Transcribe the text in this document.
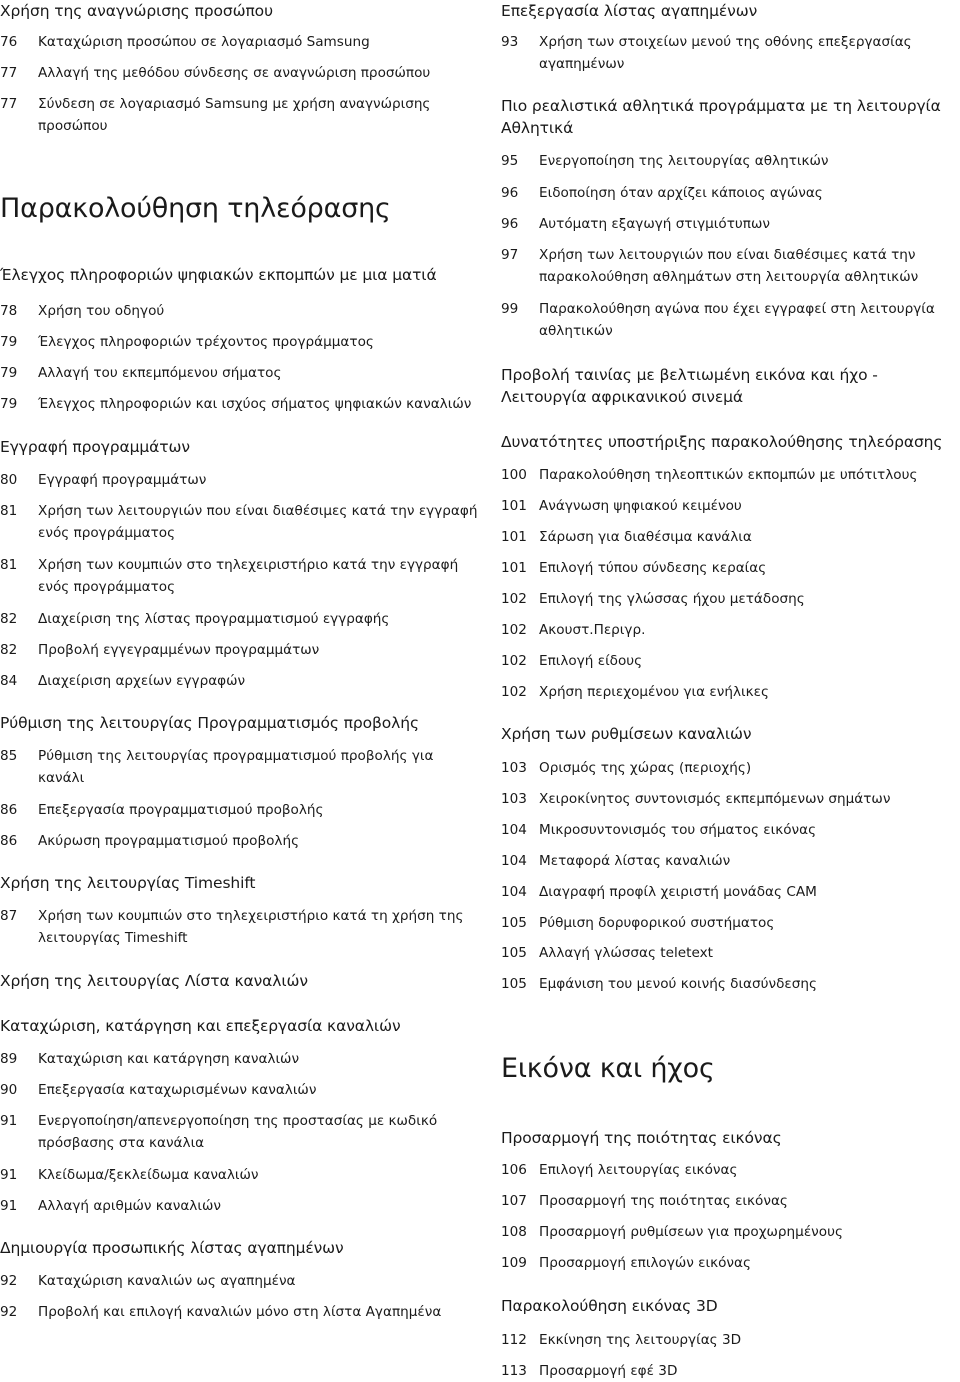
Χρήση της αναγνώρισης προσώπου
76	Καταχώριση προσώπου σε λογαριασμό Samsung
77	Αλλαγή της μεθόδου σύνδεσης σε αναγνώριση προσώπου
77	Σύνδεση σε λογαριασμό Samsung με χρήση αναγνώρισης προσώπου
Παρακολούθηση τηλεόρασης
Έλεγχος πληροφοριών ψηφιακών εκπομπών με μια ματιά
78	Χρήση του οδηγού
79	Έλεγχος πληροφοριών τρέχοντος προγράμματος
79	Αλλαγή του εκπεμπόμενου σήματος
79	Έλεγχος πληροφοριών και ισχύος σήματος ψηφιακών καναλιών
Εγγραφή προγραμμάτων
80	Εγγραφή προγραμμάτων
81	Χρήση των λειτουργιών που είναι διαθέσιμες κατά την εγγραφή ενός προγράμματος
81	Χρήση των κουμπιών στο τηλεχειριστήριο κατά την εγγραφή ενός προγράμματος
82	Διαχείριση της λίστας προγραμματισμού εγγραφής
82	Προβολή εγγεγραμμένων προγραμμάτων
84	Διαχείριση αρχείων εγγραφών
Ρύθμιση της λειτουργίας Προγραμματισμός προβολής
85	Ρύθμιση της λειτουργίας προγραμματισμού προβολής για κανάλι
86	Επεξεργασία προγραμματισμού προβολής
86	Ακύρωση προγραμματισμού προβολής
Χρήση της λειτουργίας Timeshift
87	Χρήση των κουμπιών στο τηλεχειριστήριο κατά τη χρήση της λειτουργίας Timeshift
Χρήση της λειτουργίας Λίστα καναλιών
Καταχώριση, κατάργηση και επεξεργασία καναλιών
89	Καταχώριση και κατάργηση καναλιών
90	Επεξεργασία καταχωρισμένων καναλιών
91	Ενεργοποίηση/απενεργοποίηση της προστασίας με κωδικό πρόσβασης στα κανάλια
91	Κλείδωμα/ξεκλείδωμα καναλιών
91	Αλλαγή αριθμών καναλιών
Δημιουργία προσωπικής λίστας αγαπημένων
92	Καταχώριση καναλιών ως αγαπημένα
92	Προβολή και επιλογή καναλιών μόνο στη λίστα Αγαπημένα
Επεξεργασία λίστας αγαπημένων
93	Χρήση των στοιχείων μενού της οθόνης επεξεργασίας αγαπημένων
Πιο ρεαλιστικά αθλητικά προγράμματα με τη λειτουργία Αθλητικά
95	Ενεργοποίηση της λειτουργίας αθλητικών
96	Ειδοποίηση όταν αρχίζει κάποιος αγώνας
96	Αυτόματη εξαγωγή στιγμιότυπων
97	Χρήση των λειτουργιών που είναι διαθέσιμες κατά την παρακολούθηση αθλημάτων στη λειτουργία αθλητικών
99	Παρακολούθηση αγώνα που έχει εγγραφεί στη λειτουργία αθλητικών
Προβολή ταινίας με βελτιωμένη εικόνα και ήχο - Λειτουργία αφρικανικού σινεμά
Δυνατότητες υποστήριξης παρακολούθησης τηλεόρασης
100 Παρακολούθηση τηλεοπτικών εκπομπών με υπότιτλους
101 Ανάγνωση ψηφιακού κειμένου
101 Σάρωση για διαθέσιμα κανάλια
101 Επιλογή τύπου σύνδεσης κεραίας
102 Επιλογή της γλώσσας ήχου μετάδοσης
102 Ακουστ.Περιγρ.
102 Επιλογή είδους
102 Χρήση περιεχομένου για ενήλικες
Χρήση των ρυθμίσεων καναλιών
103 Ορισμός της χώρας (περιοχής)
103 Χειροκίνητος συντονισμός εκπεμπόμενων σημάτων
104 Μικροσυντονισμός του σήματος εικόνας
104 Μεταφορά λίστας καναλιών
104 Διαγραφή προφίλ χειριστή μονάδας CAM
105 Ρύθμιση δορυφορικού συστήματος
105 Αλλαγή γλώσσας teletext
105 Εμφάνιση του μενού κοινής διασύνδεσης
Εικόνα και ήχος
Προσαρμογή της ποιότητας εικόνας
106 Επιλογή λειτουργίας εικόνας
107 Προσαρμογή της ποιότητας εικόνας
108 Προσαρμογή ρυθμίσεων για προχωρημένους
109 Προσαρμογή επιλογών εικόνας
Παρακολούθηση εικόνας 3D
112 Εκκίνηση της λειτουργίας 3D
113 Προσαρμογή εφέ 3D
